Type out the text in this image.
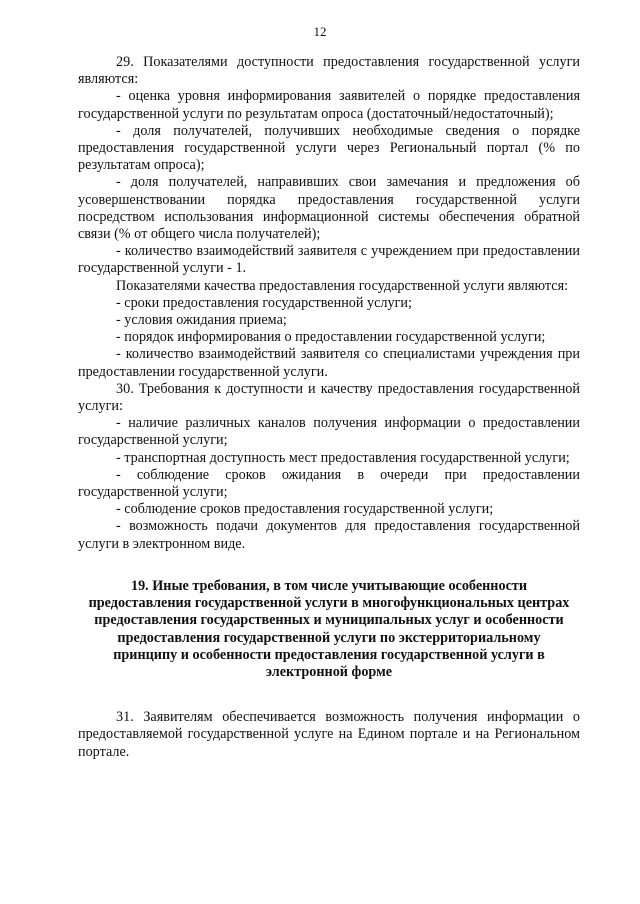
12

29. Показателями доступности предоставления государственной услуги являются:

- оценка уровня информирования заявителей о порядке предоставления государственной услуги по результатам опроса (достаточный/недостаточный);

- доля получателей, получивших необходимые сведения о порядке предоставления государственной услуги через Региональный портал (% по результатам опроса);

- доля получателей, направивших свои замечания и предложения об усовершенствовании порядка предоставления государственной услуги посредством использования информационной системы обеспечения обратной связи (% от общего числа получателей);

- количество взаимодействий заявителя с учреждением при предоставлении государственной услуги - 1.

Показателями качества предоставления государственной услуги являются:

- сроки предоставления государственной услуги;

- условия ожидания приема;

- порядок информирования о предоставлении государственной услуги;

- количество взаимодействий заявителя со специалистами учреждения при предоставлении государственной услуги.

30. Требования к доступности и качеству предоставления государственной услуги:

- наличие различных каналов получения информации о предоставлении государственной услуги;

- транспортная доступность мест предоставления государственной услуги;

- соблюдение сроков ожидания в очереди при предоставлении государственной услуги;

- соблюдение сроков предоставления государственной услуги;

- возможность подачи документов для предоставления государственной услуги в электронном виде.

19. Иные требования, в том числе учитывающие особенности предоставления государственной услуги в многофункциональных центрах предоставления государственных и муниципальных услуг и особенности предоставления государственной услуги по экстерриториальному принципу и особенности предоставления государственной услуги в электронной форме

31. Заявителям обеспечивается возможность получения информации о предоставляемой государственной услуге на Едином портале и на Региональном портале.
